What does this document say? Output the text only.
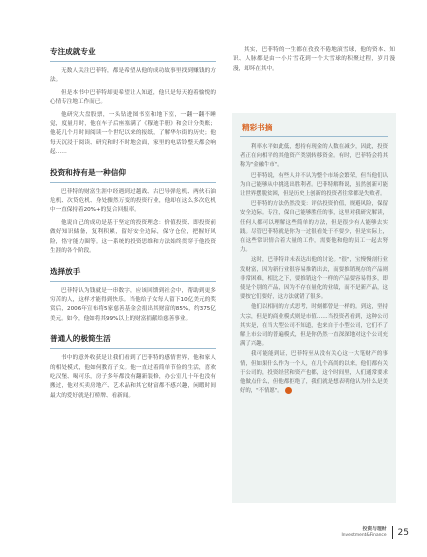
专注成就专业

无数人关注巴菲特，都是希望从他的成功故事里找到赚钱的方法。

但是本书中巴菲特却更希望让人知道，他只是每天抱着愉悦的心情专注地工作而已。

他研究大盘股票，一头钻进图书室和地下室，一翻一翻不睡觉，度量月时，他在车子后座塞满了《穆迪手册》和会计分类账；他花几个月时间阅读一个世纪以来的报纸，了解华尔街的历史；他每天沉浸于阅读、研究和时不时地会面，家里的电话铃整天都会响起……

投资和持有是一种信仰

巴菲特的财富生涯中经遇到过越战、古巴导弹危机、两伙石油危机、次贷危机、身处骤然万变的投资行业，他却在这么多次危机中一直保持着20%+的复合回报率。

他说自己的成功是基于坚定的投资理念：价值投资、即投资前做好知识储备，复利积累，留好安全边际，保守仓位，把握好风险，恪守能力圈等。这一系统的投资思维和方法始终贯穿于他投资生涯的各个阶段。

选择放手

巴菲特认为钱就是一串数字，应该回馈到社会中，帮助到更多穷苦的人，这样才能得到快乐。当他给子女每人留下10亿美元的奖赏后，2006年宣布将5家慈善基金会捐出其财富的85%，约375亿美元。如今，他如将其99%以上的财富捐献给慈善事业。

普通人的极简生活

书中的意外收获是让我们看到了巴菲特的感情世界，他和家人的相处模式，他如何教育子女。他一直过着简单节俭的生活，喜欢吃汉堡、喝可乐，房子多年都没有翻新装修，办公室几十年也没有搬过，他对买卖房地产、艺术品和其它财富都不感兴趣，闲暇时间最大的爱好就是打桥牌、看新闻。

其实，巴菲特的一生都在孜孜不倦地滚雪球，他的资本、知识、人脉都是由一小片雪花到一个大雪球的积聚过程，岁月漫漫，却坏在其中。

精彩书摘

利率水平如此低，想持有现金的人数在减少，因此，投资者正在向相平的其他资产类别转移资金。有时，巴菲特会将其称为"金融牛市"。

巴菲特说，有些人并不认为整个市场会繁荣，但当他们认为自己能够从中挑选出胜利者。巴菲特解释说，虽然创新可能让世界摆脱贫困，但是历史上创新的投资者往常都是失败者。

巴菲特的方法仍然没变：评估投资价值，规避风险，保留安全边际。专注，保自己能够胜任的事，这里对我研究解读，任何人都可以理解这些简单的方法，但是很少有人能够去实践。尽管巴菲特就是你为一过很看处于不要少，但是实际上，在这些常识情合着大量的工作，需要他和他的员工一起去努力。

这时，巴菲特并未表达出他的讨论。"很"，宝慢慢剖行业发财富，因为新行业很容易推销出去，而要推销现存的产品则非常困难，相比之下，要推销这个一样的产品要容易得多，即使是个别的产品，因为不存在量化的业绩，而不是新产品，这要按它们要好，这方法就错了很多。

他们以相同的方式思考，时刻都曾是一样的。到这，坚持大宗，但是的商业模式则是市值……当投资者看到，这种公司其实是，在当大型公司不知道，也来自于小型公司，它们不了解上市公司的普遍模式，但是你仍然一直深深地对这个公司充满了兴趣。

我可能能到证，巴菲特至从没有关心这一大笔财产的事情，但如果什么作为一个人，在几个高尚的以来，他们都有关于公司的，投资经营和资产也都，这个时间里，人们通常要求他做点什么，但他都拒绝了，我们就是想表明他认为什么是美好的，"不情愿"。

投资与理财
Investment&Finance 25
